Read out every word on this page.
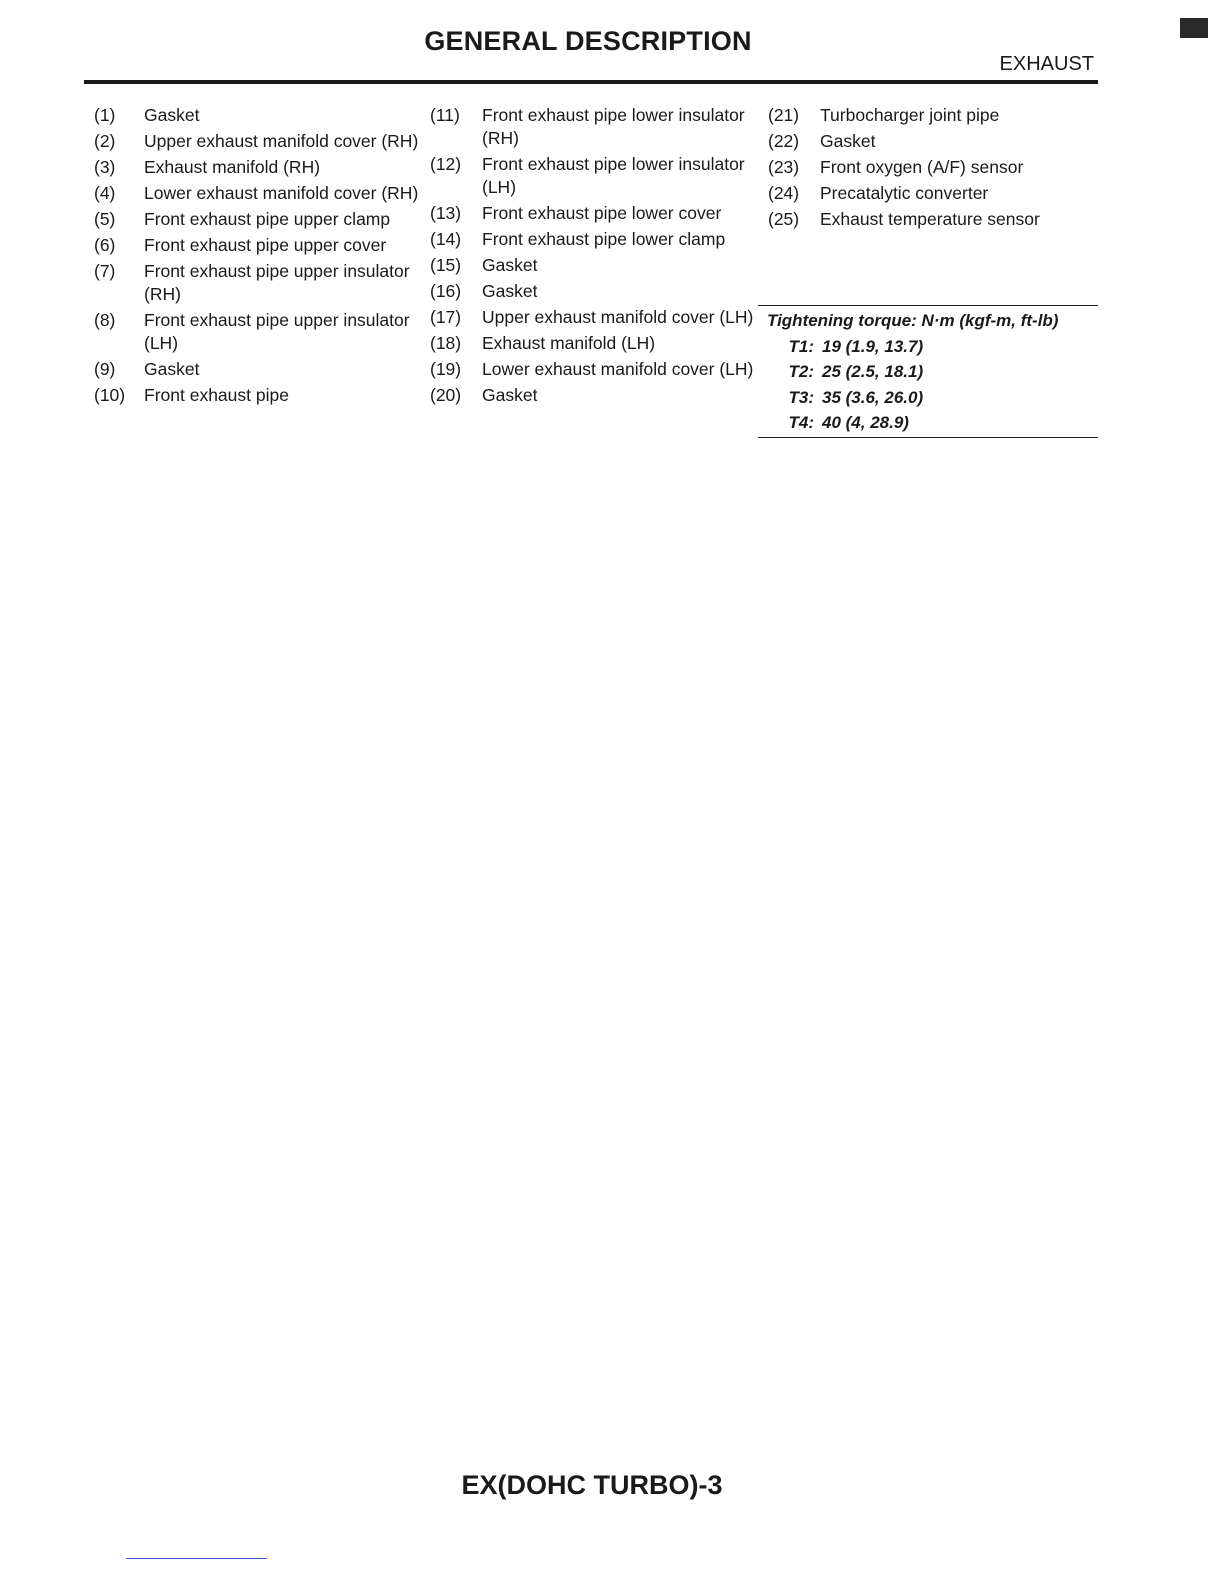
GENERAL DESCRIPTION
EXHAUST
(1)	Gasket
(2)	Upper exhaust manifold cover (RH)
(3)	Exhaust manifold (RH)
(4)	Lower exhaust manifold cover (RH)
(5)	Front exhaust pipe upper clamp
(6)	Front exhaust pipe upper cover
(7)	Front exhaust pipe upper insulator (RH)
(8)	Front exhaust pipe upper insulator (LH)
(9)	Gasket
(10)	Front exhaust pipe
(11)	Front exhaust pipe lower insulator (RH)
(12)	Front exhaust pipe lower insulator (LH)
(13)	Front exhaust pipe lower cover
(14)	Front exhaust pipe lower clamp
(15)	Gasket
(16)	Gasket
(17)	Upper exhaust manifold cover (LH)
(18)	Exhaust manifold (LH)
(19)	Lower exhaust manifold cover (LH)
(20)	Gasket
(21)	Turbocharger joint pipe
(22)	Gasket
(23)	Front oxygen (A/F) sensor
(24)	Precatalytic converter
(25)	Exhaust temperature sensor
Tightening torque: N·m (kgf-m, ft-lb)
T1: 19 (1.9, 13.7)
T2: 25 (2.5, 18.1)
T3: 35 (3.6, 26.0)
T4: 40 (4, 28.9)
EX(DOHC TURBO)-3
